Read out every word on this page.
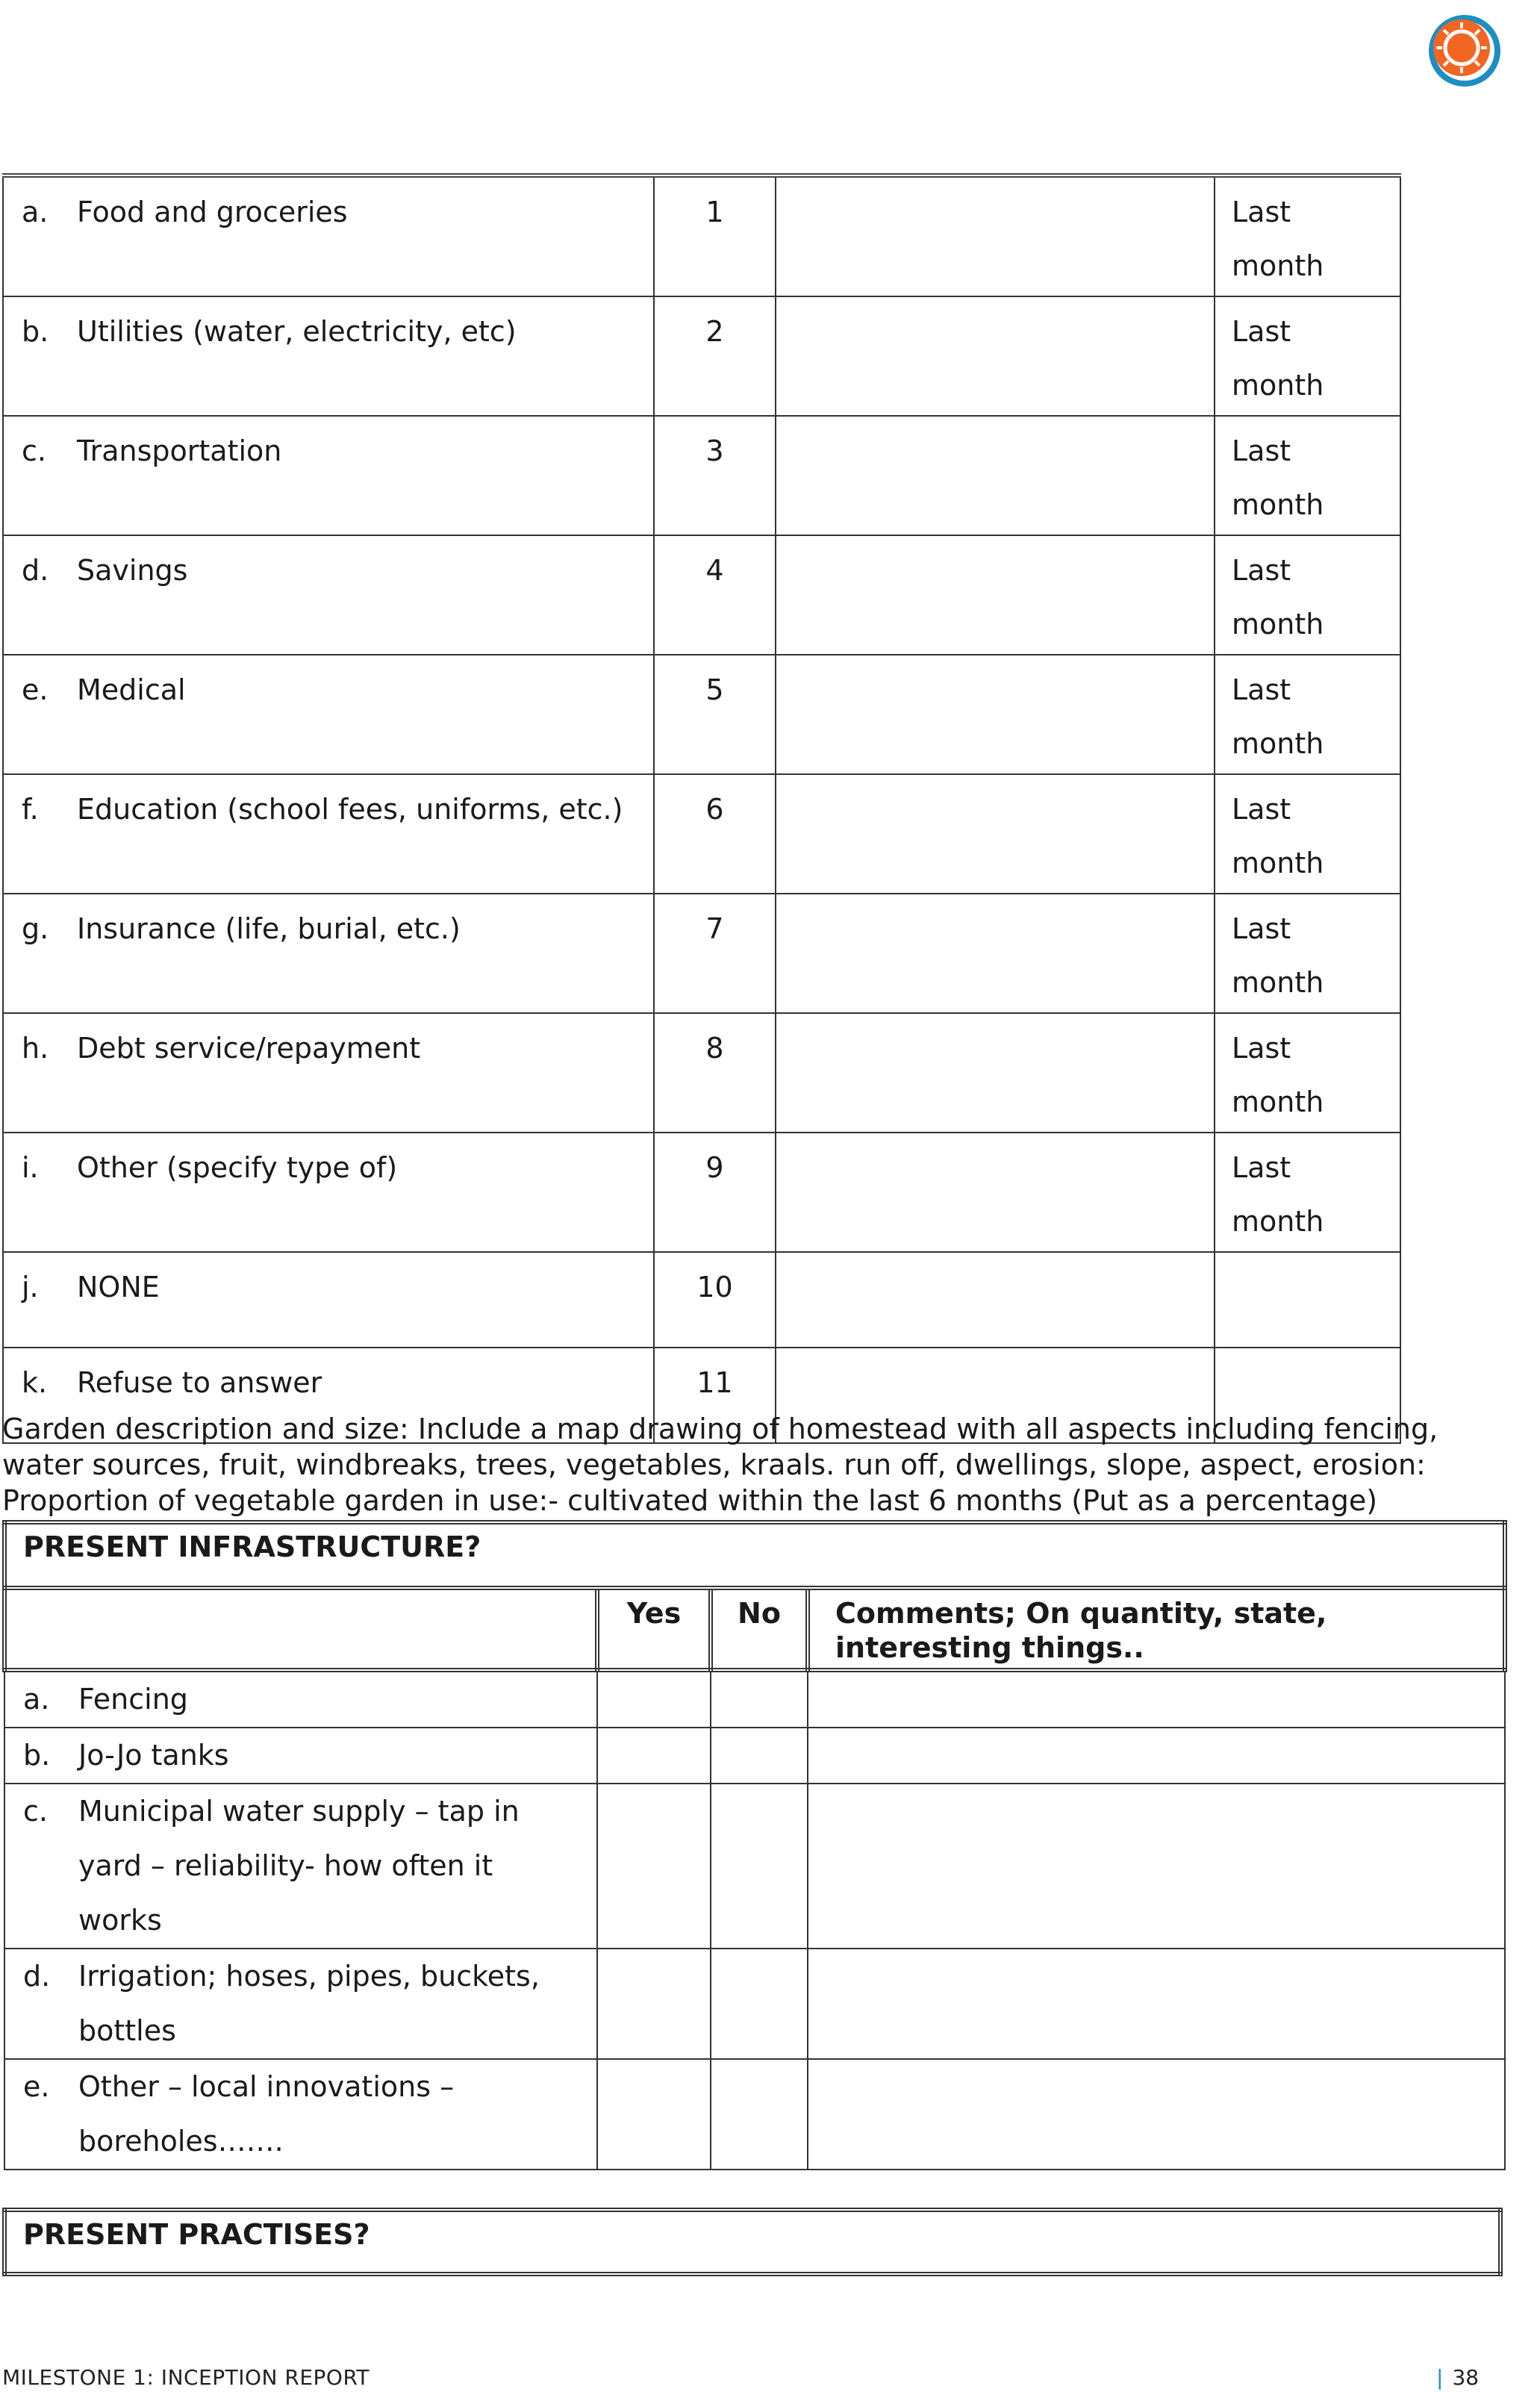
a. Food and groceries	1		Last
month

b. Utilities (water, electricity, etc)	2		Last
month

c. Transportation	3		Last
month

d. Savings	4		Last
month

e. Medical	5		Last
month

f. Education (school fees, uniforms, etc.)	6		Last
month

g. Insurance (life, burial, etc.)	7		Last
month

h. Debt service/repayment	8		Last
month

i. Other (specify type of)	9		Last
month

j. NONE	10		
k. Refuse to answer	11		

Garden description and size: Include a map drawing of homestead with all aspects including fencing, water sources, fruit, windbreaks, trees, vegetables, kraals. run off, dwellings, slope, aspect, erosion: Proportion of vegetable garden in use:- cultivated within the last 6 months (Put as a percentage)

PRESENT INFRASTRUCTURE?			
	Yes	No	Comments; On quantity, state, interesting things..
a. Fencing			
b. Jo-Jo tanks			
c. Municipal water supply – tap in yard – reliability- how often it works			
d. Irrigation; hoses, pipes, buckets, bottles			
e. Other – local innovations – boreholes…….			
PRESENT PRACTISES?
MILESTONE 1: INCEPTION REPORT	| 38
